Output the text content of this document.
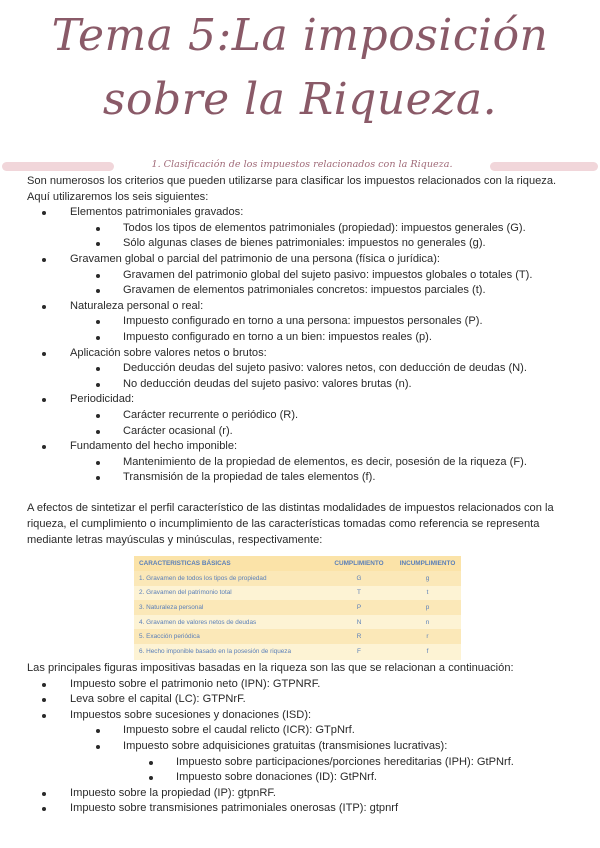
Tema 5:La imposición
sobre la Riqueza.
1. Clasificación de los impuestos relacionados con la Riqueza.

Son numerosos los criterios que pueden utilizarse para clasificar los impuestos relacionados con la riqueza. Aquí utilizaremos los seis siguientes:

Elementos patrimoniales gravados:
Todos los tipos de elementos patrimoniales (propiedad): impuestos generales (G).
Sólo algunas clases de bienes patrimoniales: impuestos no generales (g).
Gravamen global o parcial del patrimonio de una persona (física o jurídica):
Gravamen del patrimonio global del sujeto pasivo: impuestos globales o totales (T).
Gravamen de elementos patrimoniales concretos: impuestos parciales (t).
Naturaleza personal o real:
Impuesto configurado en torno a una persona: impuestos personales (P).
Impuesto configurado en torno a un bien: impuestos reales (p).
Aplicación sobre valores netos o brutos:
Deducción deudas del sujeto pasivo: valores netos, con deducción de deudas (N).
No deducción deudas del sujeto pasivo: valores brutas (n).
Periodicidad:
Carácter recurrente o periódico (R).
Carácter ocasional (r).
Fundamento del hecho imponible:
Mantenimiento de la propiedad de elementos, es decir, posesión de la riqueza (F).
Transmisión de la propiedad de tales elementos (f).

A efectos de sintetizar el perfil característico de las distintas modalidades de impuestos relacionados con la riqueza, el cumplimiento o incumplimiento de las características tomadas como referencia se representa mediante letras mayúsculas y minúsculas, respectivamente:

CARACTERISTICAS BÁSICAS	CUMPLIMIENTO	INCUMPLIMIENTO
1. Gravamen de todos los tipos de propiedad	G	g
2. Gravamen del patrimonio total	T	t
3. Naturaleza personal	P	p
4. Gravamen de valores netos de deudas	N	n
5. Exacción periódica	R	r
6. Hecho imponible basado en la posesión de riqueza	F	f

Las principales figuras impositivas basadas en la riqueza son las que se relacionan a continuación:

Impuesto sobre el patrimonio neto (IPN): GTPNRF.
Leva sobre el capital (LC): GTPNrF.
Impuestos sobre sucesiones y donaciones (ISD):
Impuesto sobre el caudal relicto (ICR): GTpNrf.
Impuesto sobre adquisiciones gratuitas (transmisiones lucrativas):
Impuesto sobre participaciones/porciones hereditarias (IPH): GtPNrf.
Impuesto sobre donaciones (ID): GtPNrf.
Impuesto sobre la propiedad (IP): gtpnRF.
Impuesto sobre transmisiones patrimoniales onerosas (ITP): gtpnrf
